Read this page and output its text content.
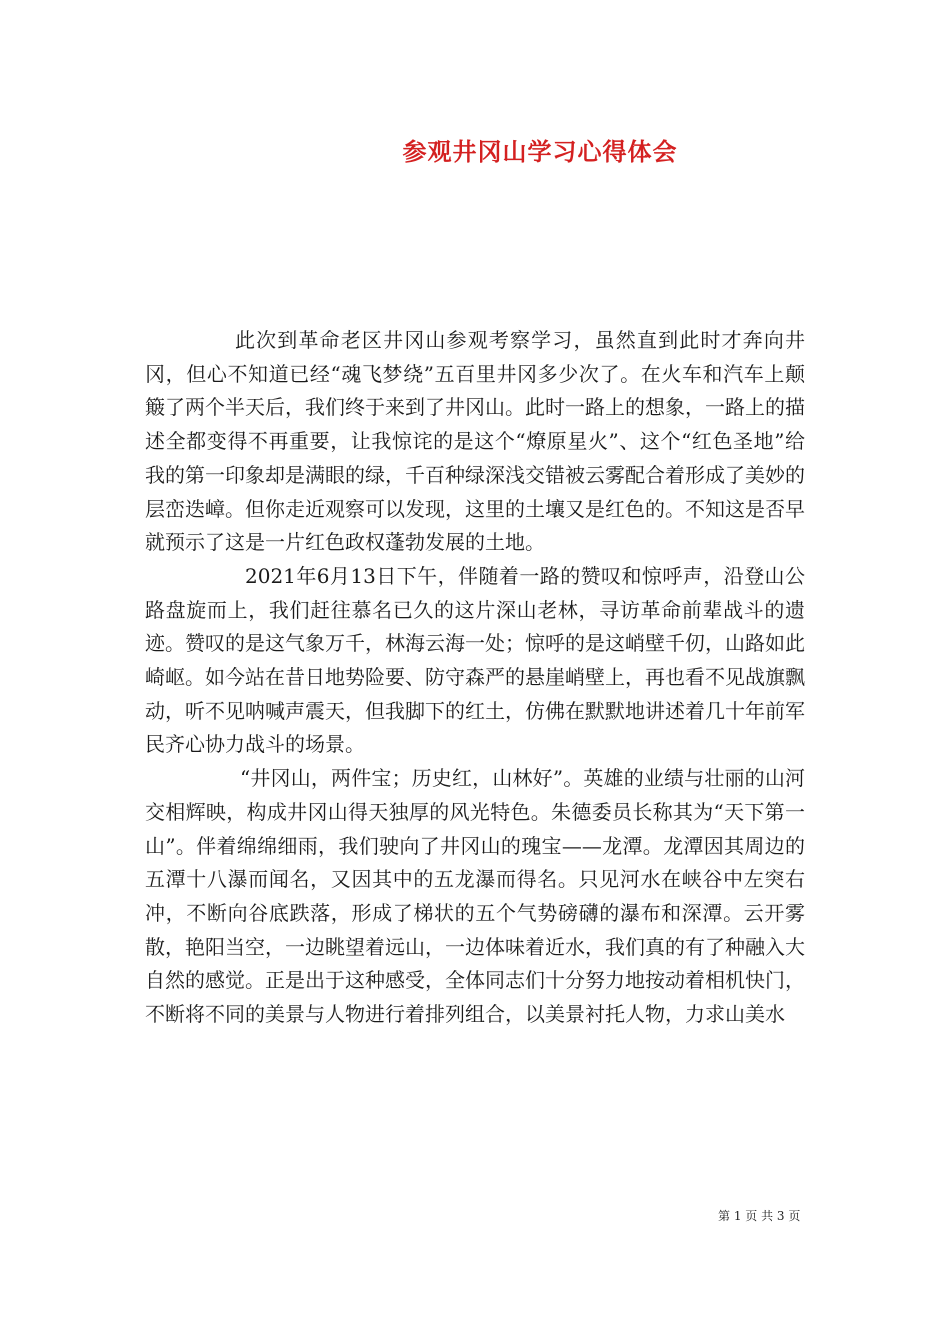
参观井冈山学习心得体会

此次到革命老区井冈山参观考察学习，虽然直到此时才奔向井冈，但心不知道已经“魂飞梦绕”五百里井冈多少次了。在火车和汽车上颠簸了两个半天后，我们终于来到了井冈山。此时一路上的想象，一路上的描述全都变得不再重要，让我惊诧的是这个“燎原星火”、这个“红色圣地”给我的第一印象却是满眼的绿，千百种绿深浅交错被云雾配合着形成了美妙的层峦迭嶂。但你走近观察可以发现，这里的土壤又是红色的。不知这是否早就预示了这是一片红色政权蓬勃发展的土地。

2021年6月13日下午，伴随着一路的赞叹和惊呼声，沿登山公路盘旋而上，我们赶往慕名已久的这片深山老林，寻访革命前辈战斗的遗迹。赞叹的是这气象万千，林海云海一处；惊呼的是这峭壁千仞，山路如此崎岖。如今站在昔日地势险要、防守森严的悬崖峭壁上，再也看不见战旗飘动，听不见呐喊声震天，但我脚下的红土，仿佛在默默地讲述着几十年前军民齐心协力战斗的场景。

“井冈山，两件宝；历史红，山林好”。英雄的业绩与壮丽的山河交相辉映，构成井冈山得天独厚的风光特色。朱德委员长称其为“天下第一山”。伴着绵绵细雨，我们驶向了井冈山的瑰宝——龙潭。龙潭因其周边的五潭十八瀑而闻名，又因其中的五龙瀑而得名。只见河水在峡谷中左突右冲，不断向谷底跌落，形成了梯状的五个气势磅礴的瀑布和深潭。云开雾散，艳阳当空，一边眺望着远山，一边体味着近水，我们真的有了种融入大自然的感觉。正是出于这种感受，全体同志们十分努力地按动着相机快门，不断将不同的美景与人物进行着排列组合，以美景衬托人物，力求山美水

第 1 页 共 3 页
